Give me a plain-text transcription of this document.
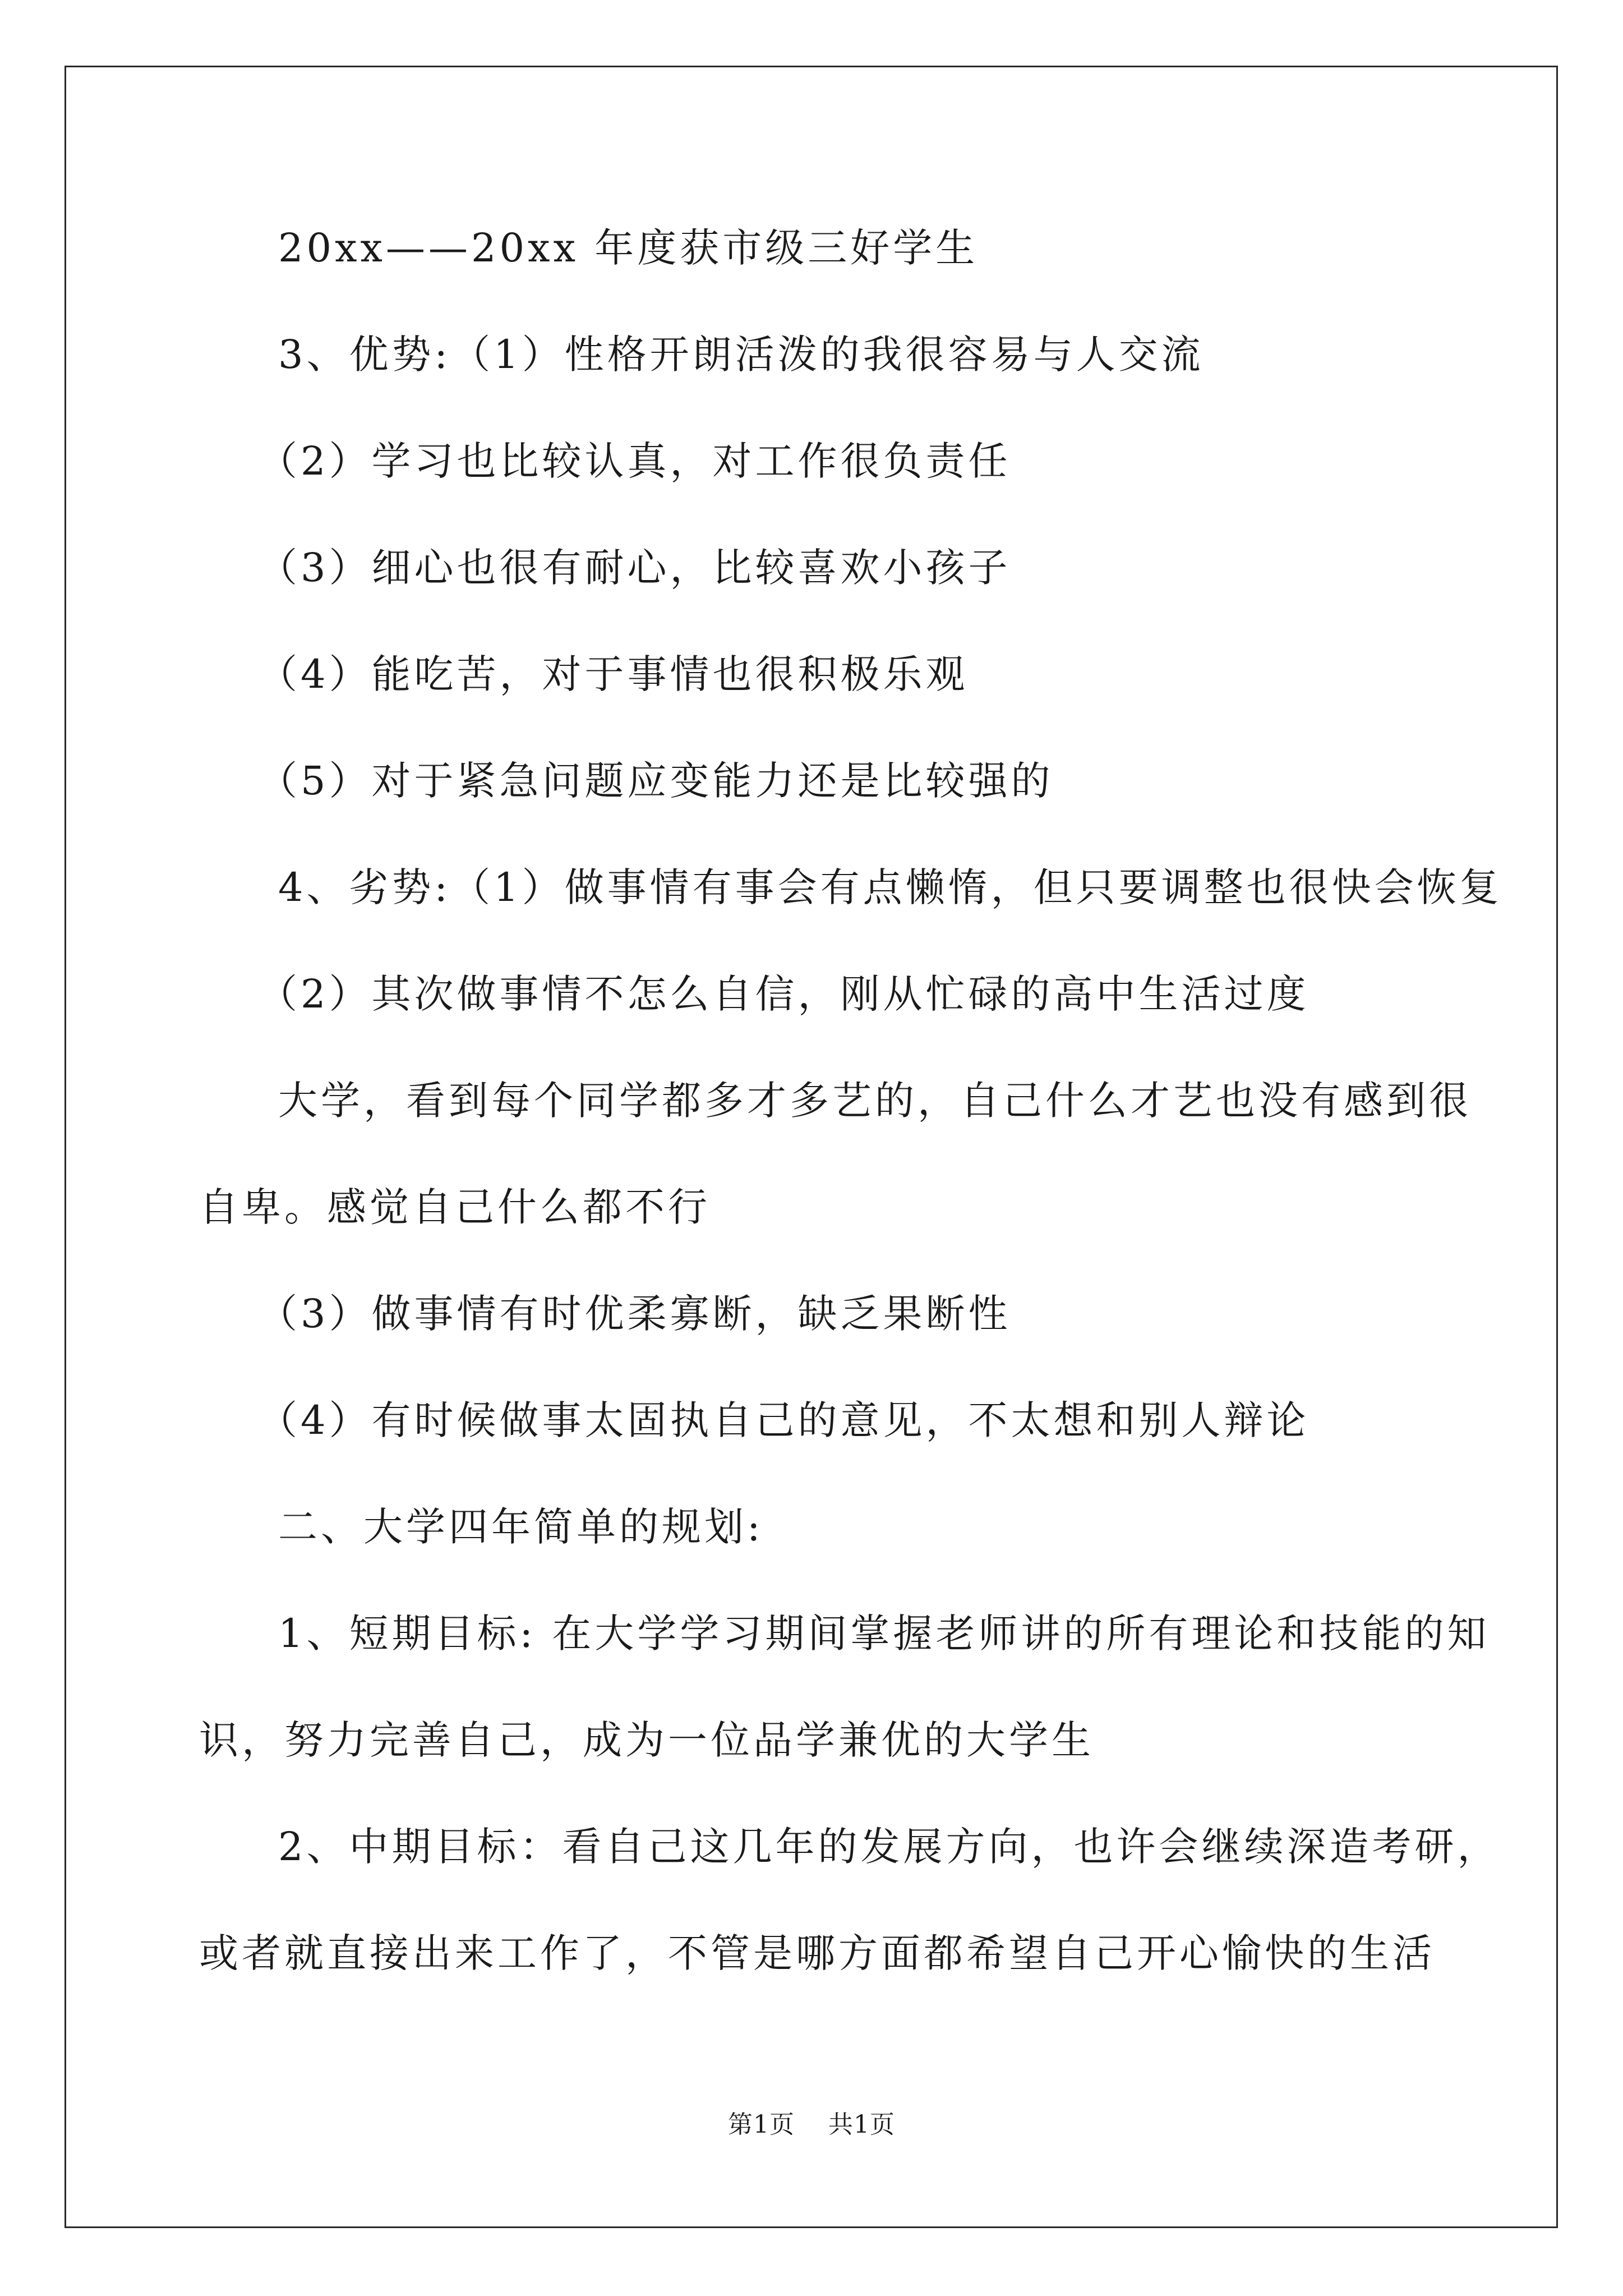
20xx——20xx 年度获市级三好学生
3、优势:（1）性格开朗活泼的我很容易与人交流
（2）学习也比较认真，对工作很负责任
（3）细心也很有耐心，比较喜欢小孩子
（4）能吃苦，对于事情也很积极乐观
（5）对于紧急问题应变能力还是比较强的
4、劣势:（1）做事情有事会有点懒惰，但只要调整也很快会恢复
（2）其次做事情不怎么自信，刚从忙碌的高中生活过度
大学，看到每个同学都多才多艺的，自己什么才艺也没有感到很
自卑。感觉自己什么都不行
（3）做事情有时优柔寡断，缺乏果断性
（4）有时候做事太固执自己的意见，不太想和别人辩论
二、大学四年简单的规划:
1、短期目标: 在大学学习期间掌握老师讲的所有理论和技能的知
识，努力完善自己，成为一位品学兼优的大学生
2、中期目标：看自己这几年的发展方向，也许会继续深造考研，
或者就直接出来工作了，不管是哪方面都希望自己开心愉快的生活
第1页 共1页
